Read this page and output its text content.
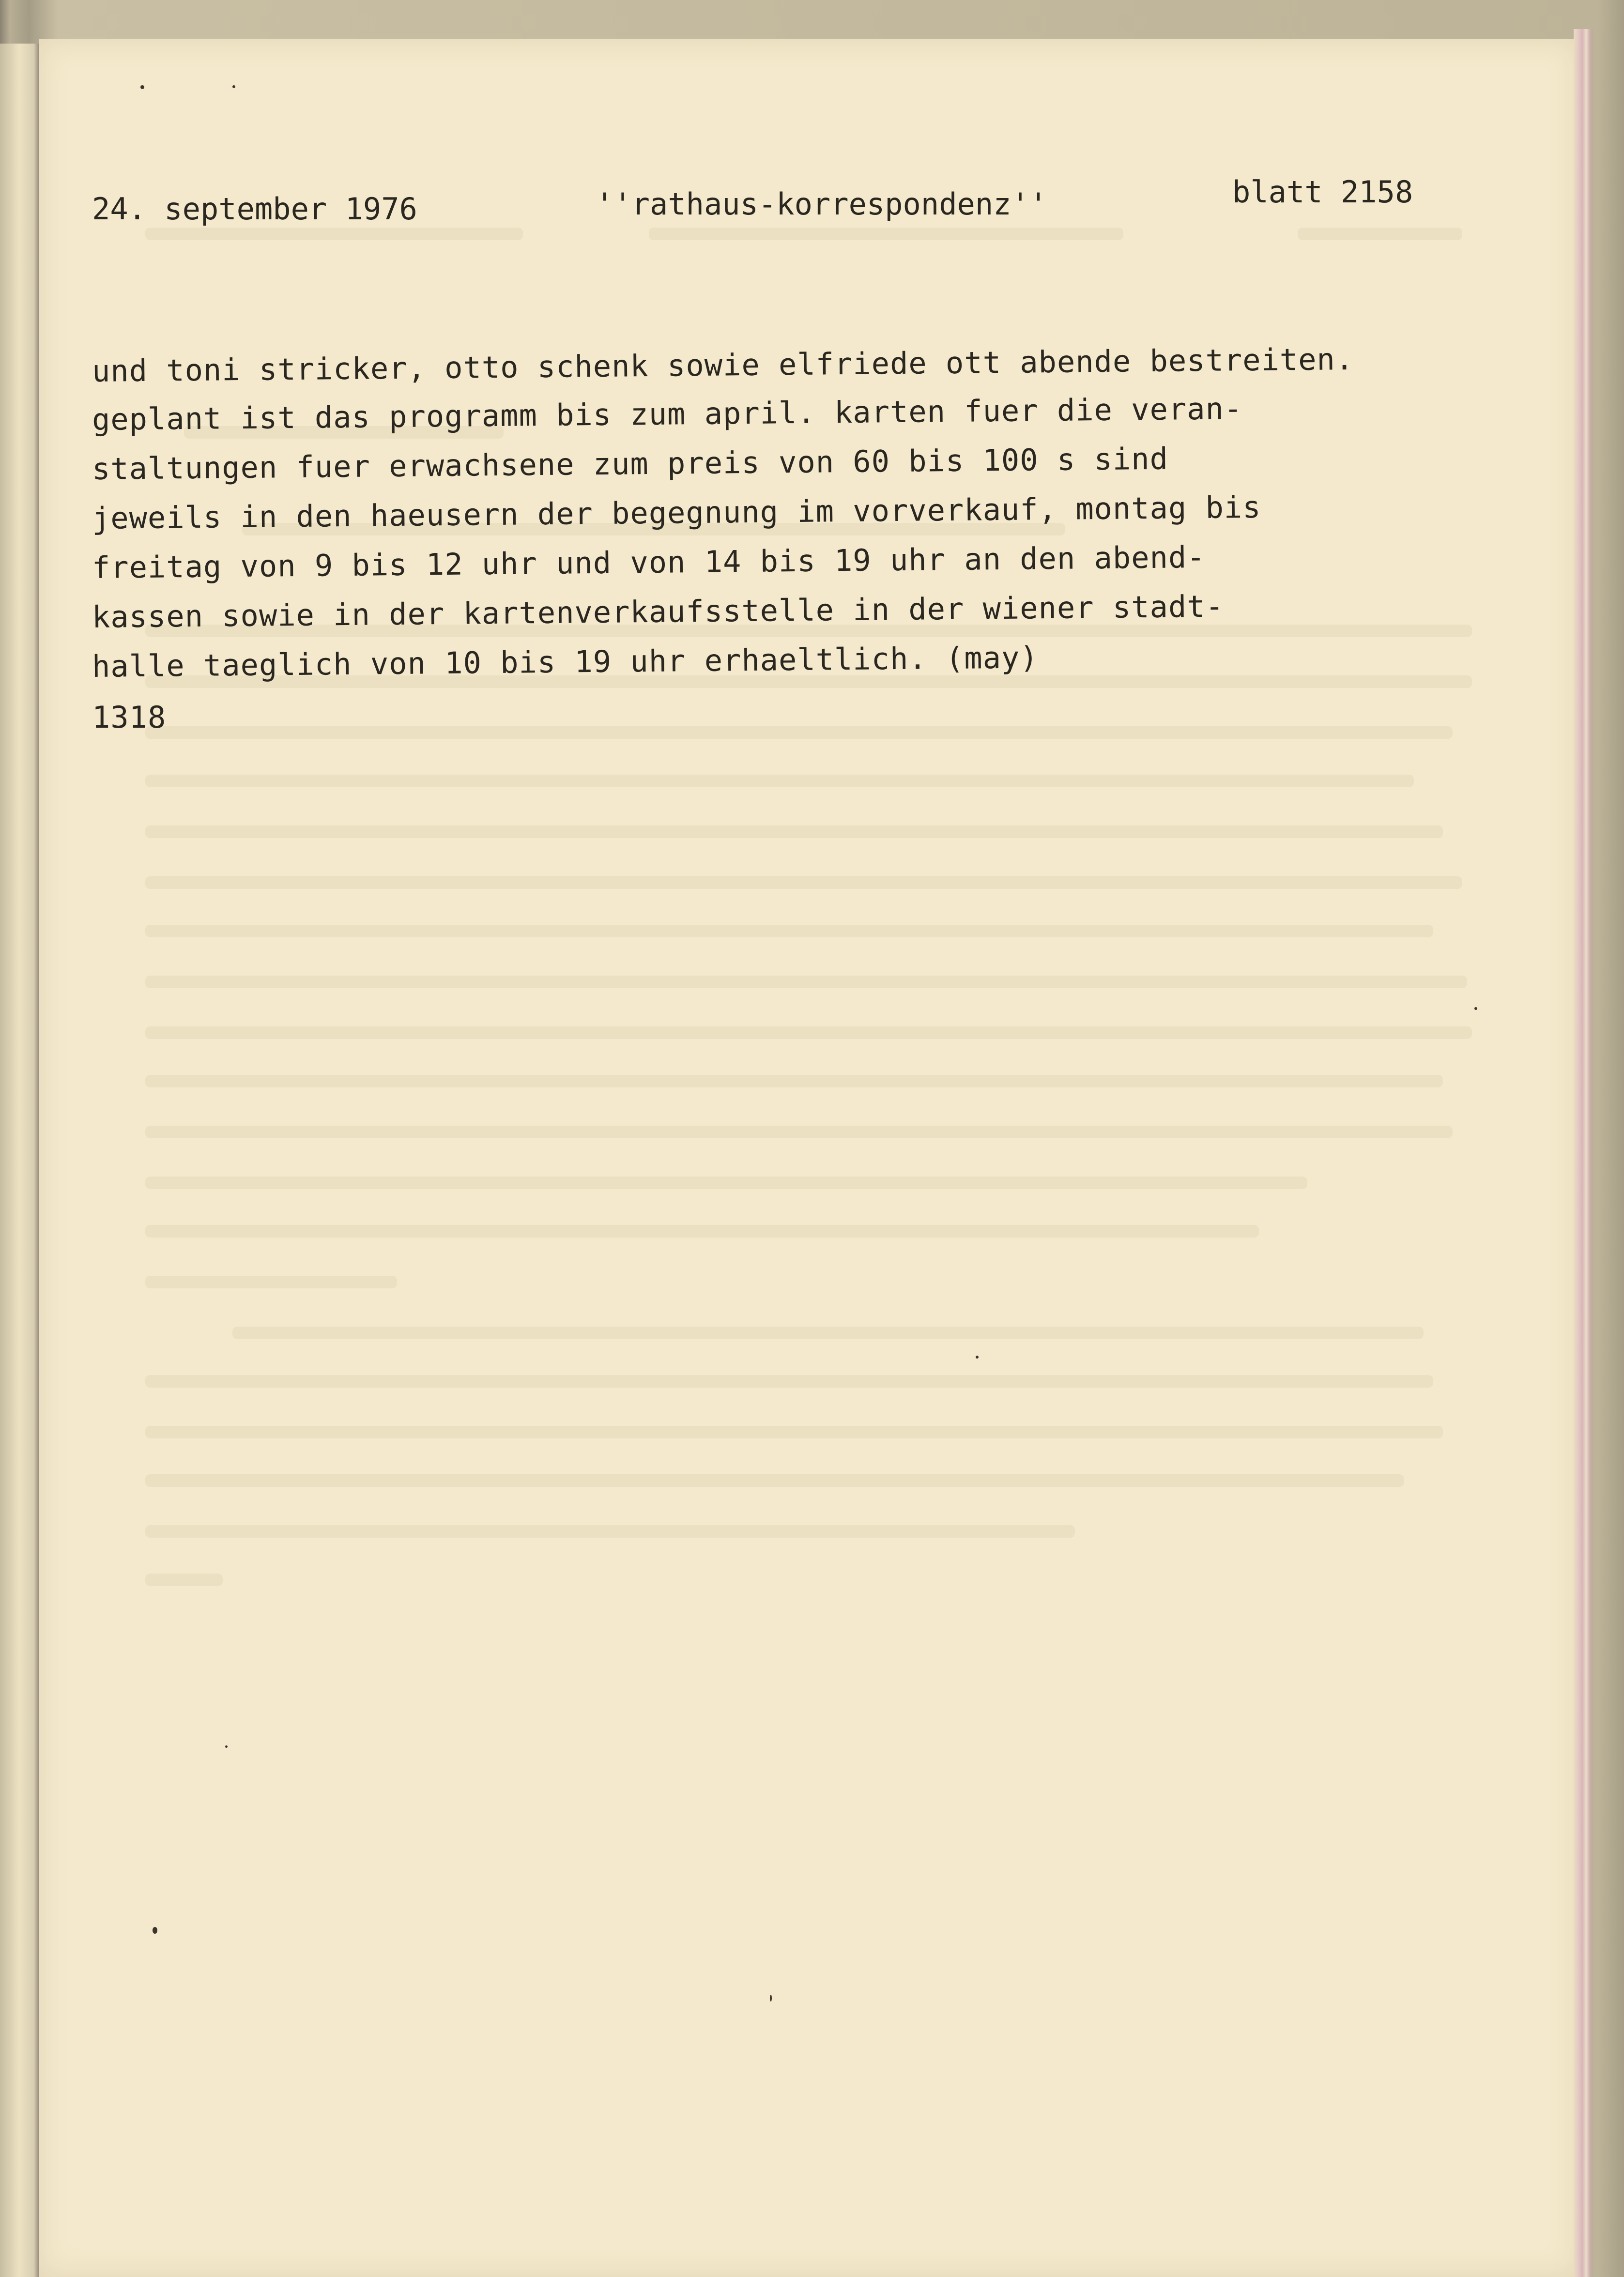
24. september 1976	''rathaus-korrespondenz''	blatt 2158
und toni stricker, otto schenk sowie elfriede ott abende bestreiten.
geplant ist das programm bis zum april. karten fuer die veran-
staltungen fuer erwachsene zum preis von 60 bis 100 s sind
jeweils in den haeusern der begegnung im vorverkauf, montag bis
freitag von 9 bis 12 uhr und von 14 bis 19 uhr an den abend-
kassen sowie in der kartenverkaufsstelle in der wiener stadt-
halle taeglich von 10 bis 19 uhr erhaeltlich. (may)
1318
